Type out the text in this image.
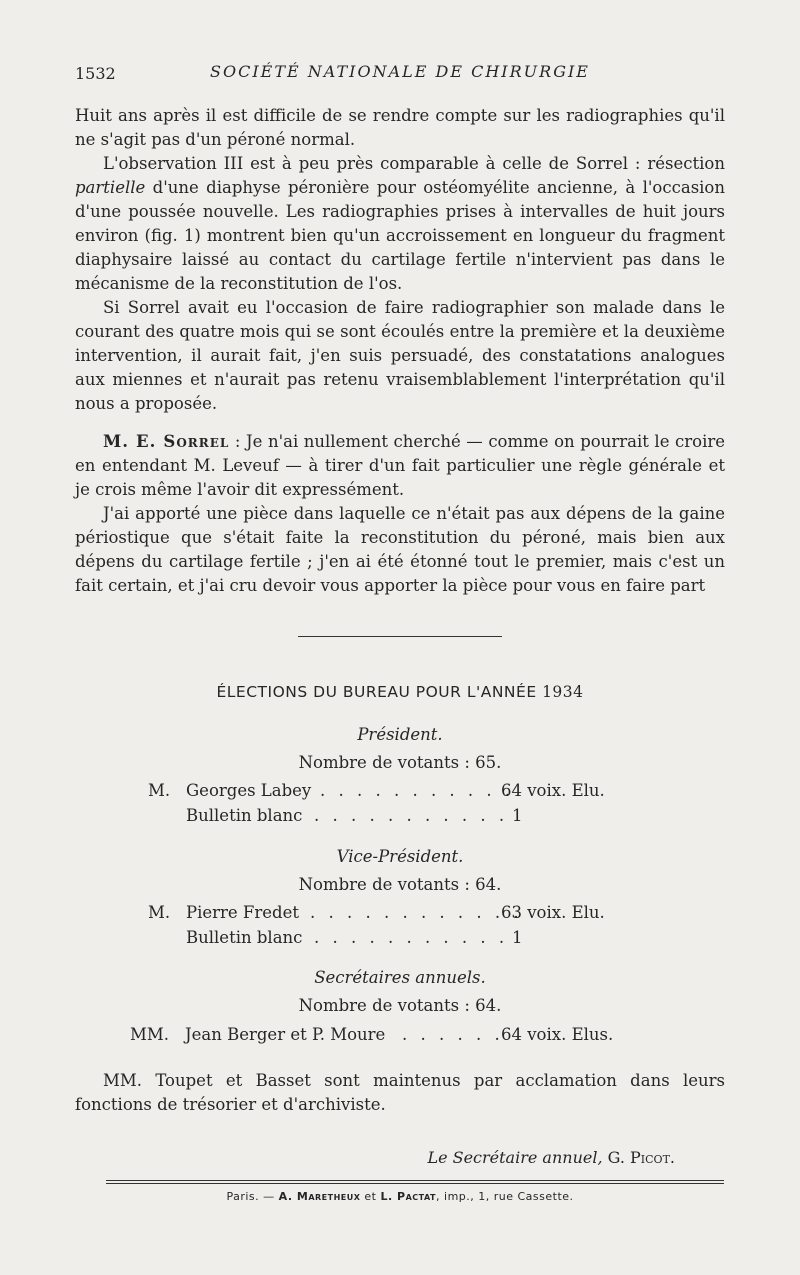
1532	SOCIÉTÉ NATIONALE DE CHIRURGIE

Huit ans après il est difficile de se rendre compte sur les radiographies qu'il ne s'agit pas d'un péroné normal.

L'observation III est à peu près comparable à celle de Sorrel : résection partielle d'une diaphyse péronière pour ostéomyélite ancienne, à l'occasion d'une poussée nouvelle. Les radiographies prises à intervalles de huit jours environ (fig. 1) montrent bien qu'un accroissement en longueur du fragment diaphysaire laissé au contact du cartilage fertile n'intervient pas dans le mécanisme de la reconstitution de l'os.

Si Sorrel avait eu l'occasion de faire radiographier son malade dans le courant des quatre mois qui se sont écoulés entre la première et la deuxième intervention, il aurait fait, j'en suis persuadé, des constatations analogues aux miennes et n'aurait pas retenu vraisemblablement l'interprétation qu'il nous a proposée.

M. E. Sorrel : Je n'ai nullement cherché — comme on pourrait le croire en entendant M. Leveuf — à tirer d'un fait particulier une règle générale et je crois même l'avoir dit expressément.

J'ai apporté une pièce dans laquelle ce n'était pas aux dépens de la gaine périostique que s'était faite la reconstitution du péroné, mais bien aux dépens du cartilage fertile ; j'en ai été étonné tout le premier, mais c'est un fait certain, et j'ai cru devoir vous apporter la pièce pour vous en faire part

ÉLECTIONS DU BUREAU POUR L'ANNÉE 1934
Président.
Nombre de votants : 65.
M. Georges Labey . . . . . . . . . . .
64 voix. Elu.
Bulletin blanc . . . . . . . . . . . 1
Vice-Président.
Nombre de votants : 64.
M. Pierre Fredet . . . . . . . . . . . .
63 voix. Elu.
Bulletin blanc . . . . . . . . . . . 1
Secrétaires annuels.
Nombre de votants : 64.
MM. Jean Berger et P. Moure . . . . . .
64 voix. Elus.

MM. Toupet et Basset sont maintenus par acclamation dans leurs fonctions de trésorier et d'archiviste.

Le Secrétaire annuel, G. Picot.
Paris. — A. Maretheux et L. Pactat, imp., 1, rue Cassette.
